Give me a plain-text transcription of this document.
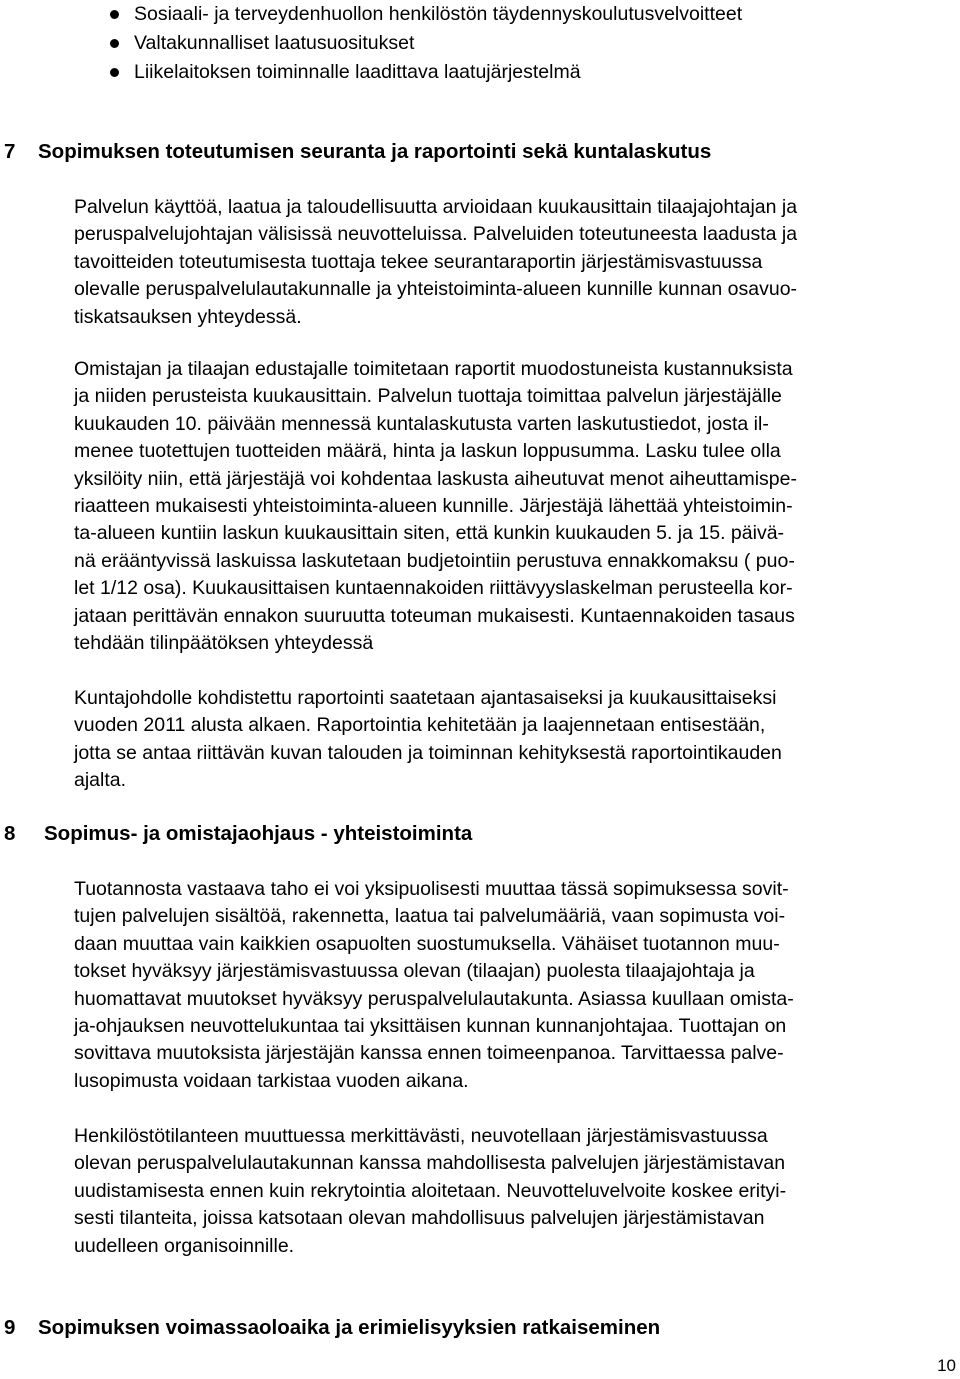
Sosiaali- ja terveydenhuollon henkilöstön täydennyskoulutusvelvoitteet
Valtakunnalliset laatusuositukset
Liikelaitoksen toiminnalle laadittava laatujärjestelmä
7 Sopimuksen toteutumisen seuranta ja raportointi sekä kuntalaskutus
Palvelun käyttöä, laatua ja taloudellisuutta arvioidaan kuukausittain tilaajajohtajan ja
peruspalvelujohtajan välisissä neuvotteluissa. Palveluiden toteutuneesta laadusta ja
tavoitteiden toteutumisesta tuottaja tekee seurantaraportin järjestämisvastuussa
olevalle peruspalvelulautakunnalle ja yhteistoiminta-alueen kunnille kunnan osavuo-
tiskatsauksen yhteydessä.
Omistajan ja tilaajan edustajalle toimitetaan raportit muodostuneista kustannuksista
ja niiden perusteista kuukausittain. Palvelun tuottaja toimittaa palvelun järjestäjälle
kuukauden 10. päivään mennessä kuntalaskutusta varten laskutustiedot, josta il-
menee tuotettujen tuotteiden määrä, hinta ja laskun loppusumma. Lasku tulee olla
yksilöity niin, että järjestäjä voi kohdentaa laskusta aiheutuvat menot aiheuttamispe-
riaatteen mukaisesti yhteistoiminta-alueen kunnille. Järjestäjä lähettää yhteistoimin-
ta-alueen kuntiin laskun kuukausittain siten, että kunkin kuukauden 5. ja 15. päivä-
nä erääntyvissä laskuissa laskutetaan budjetointiin perustuva ennakkomaksu ( puo-
let 1/12 osa). Kuukausittaisen kuntaennakoiden riittävyyslaskelman perusteella kor-
jataan perittävän ennakon suuruutta toteuman mukaisesti. Kuntaennakoiden tasaus
tehdään tilinpäätöksen yhteydessä
Kuntajohdolle kohdistettu raportointi saatetaan ajantasaiseksi ja kuukausittaiseksi
vuoden 2011 alusta alkaen. Raportointia kehitetään ja laajennetaan entisestään,
jotta se antaa riittävän kuvan talouden ja toiminnan kehityksestä raportointikauden
ajalta.
8 Sopimus- ja omistajaohjaus - yhteistoiminta
Tuotannosta vastaava taho ei voi yksipuolisesti muuttaa tässä sopimuksessa sovit-
tujen palvelujen sisältöä, rakennetta, laatua tai palvelumääriä, vaan sopimusta voi-
daan muuttaa vain kaikkien osapuolten suostumuksella. Vähäiset tuotannon muu-
tokset hyväksyy järjestämisvastuussa olevan (tilaajan) puolesta tilaajajohtaja ja
huomattavat muutokset hyväksyy peruspalvelulautakunta. Asiassa kuullaan omista-
ja-ohjauksen neuvottelukuntaa tai yksittäisen kunnan kunnanjohtajaa. Tuottajan on
sovittava muutoksista järjestäjän kanssa ennen toimeenpanoa. Tarvittaessa palve-
lusopimusta voidaan tarkistaa vuoden aikana.
Henkilöstötilanteen muuttuessa merkittävästi, neuvotellaan järjestämisvastuussa
olevan peruspalvelulautakunnan kanssa mahdollisesta palvelujen järjestämistavan
uudistamisesta ennen kuin rekrytointia aloitetaan. Neuvotteluvelvoite koskee erityi-
sesti tilanteita, joissa katsotaan olevan mahdollisuus palvelujen järjestämistavan
uudelleen organisoinnille.
9 Sopimuksen voimassaoloaika ja erimielisyyksien ratkaiseminen
10
